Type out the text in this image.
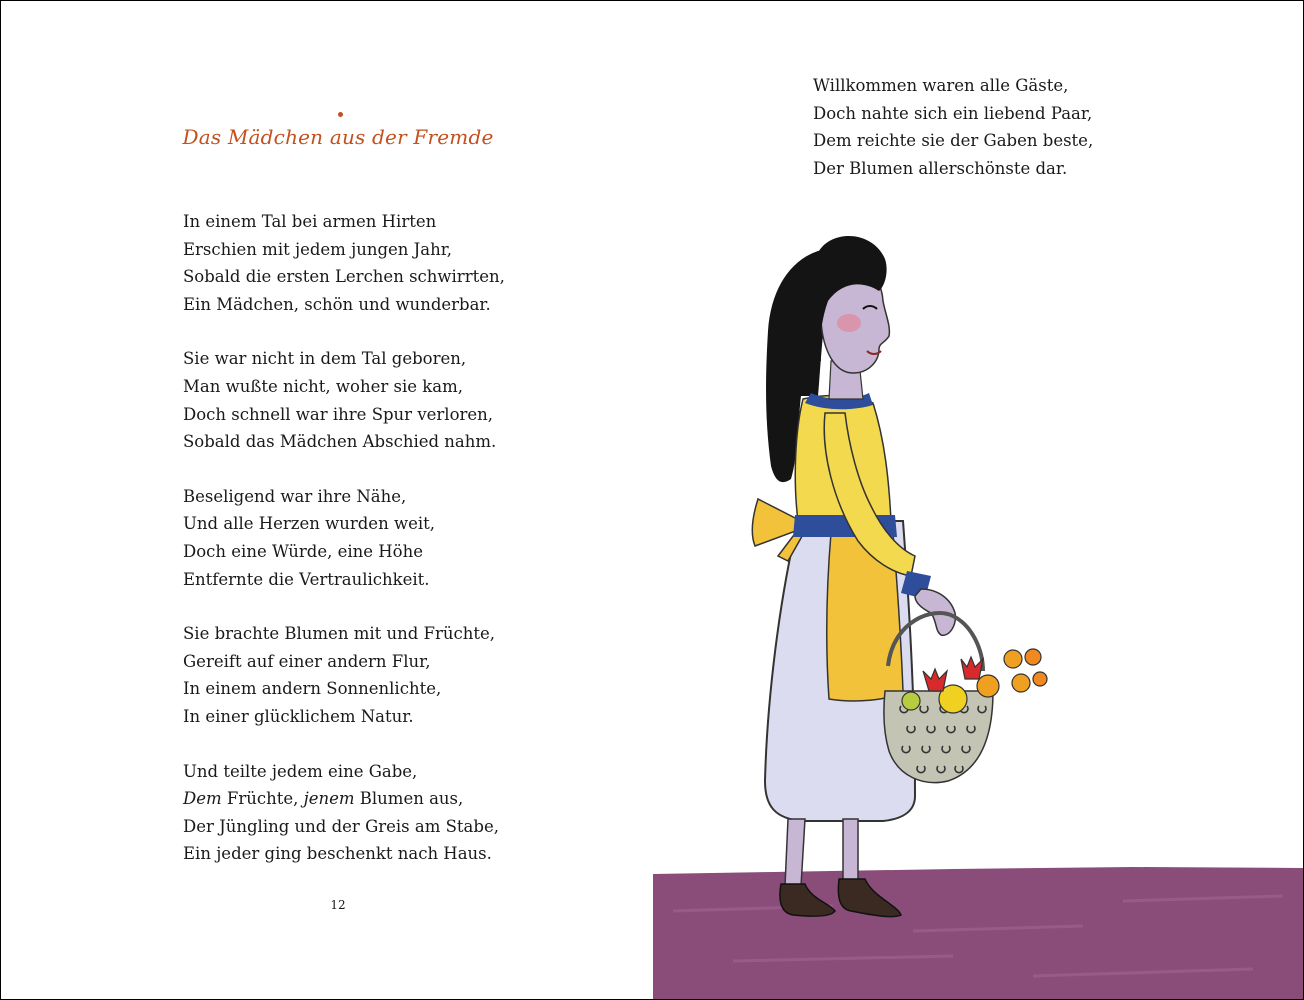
Das Mädchen aus der Fremde
In einem Tal bei armen Hirten
Erschien mit jedem jungen Jahr,
Sobald die ersten Lerchen schwirrten,
Ein Mädchen, schön und wunderbar.
Sie war nicht in dem Tal geboren,
Man wußte nicht, woher sie kam,
Doch schnell war ihre Spur verloren,
Sobald das Mädchen Abschied nahm.
Beseligend war ihre Nähe,
Und alle Herzen wurden weit,
Doch eine Würde, eine Höhe
Entfernte die Vertraulichkeit.
Sie brachte Blumen mit und Früchte,
Gereift auf einer andern Flur,
In einem andern Sonnenlichte,
In einer glücklichem Natur.
Und teilte jedem eine Gabe,
Dem Früchte, jenem Blumen aus,
Der Jüngling und der Greis am Stabe,
Ein jeder ging beschenkt nach Haus.
12
Willkommen waren alle Gäste,
Doch nahte sich ein liebend Paar,
Dem reichte sie der Gaben beste,
Der Blumen allerschönste dar.
